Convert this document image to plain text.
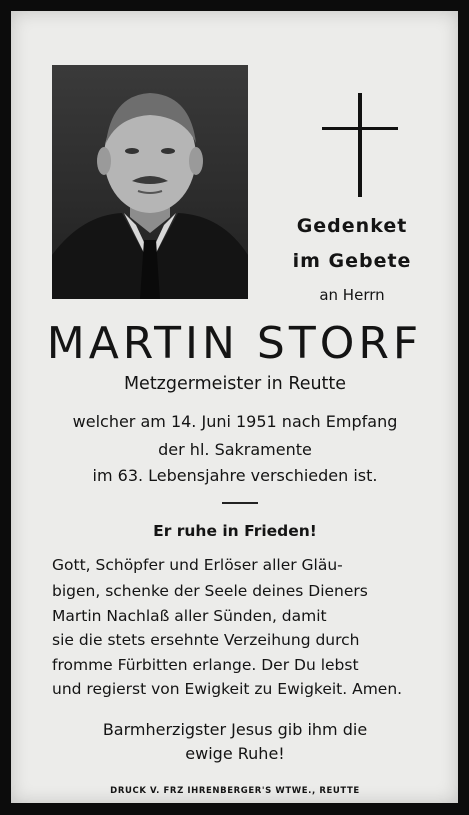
Gedenket
im Gebete
an Herrn
MARTIN STORF
Metzgermeister in Reutte
welcher am 14. Juni 1951 nach Empfang
der hl. Sakramente
im 63. Lebensjahre verschieden ist.
Er ruhe in Frieden!
Gott, Schöpfer und Erlöser aller Gläu-
bigen, schenke der Seele deines Dieners
Martin Nachlaß aller Sünden, damit
sie die stets ersehnte Verzeihung durch
fromme Fürbitten erlange. Der Du lebst
und regierst von Ewigkeit zu Ewigkeit. Amen.
Barmherzigster Jesus gib ihm die
ewige Ruhe!
DRUCK V. FRZ IHRENBERGER'S WTWE., REUTTE
